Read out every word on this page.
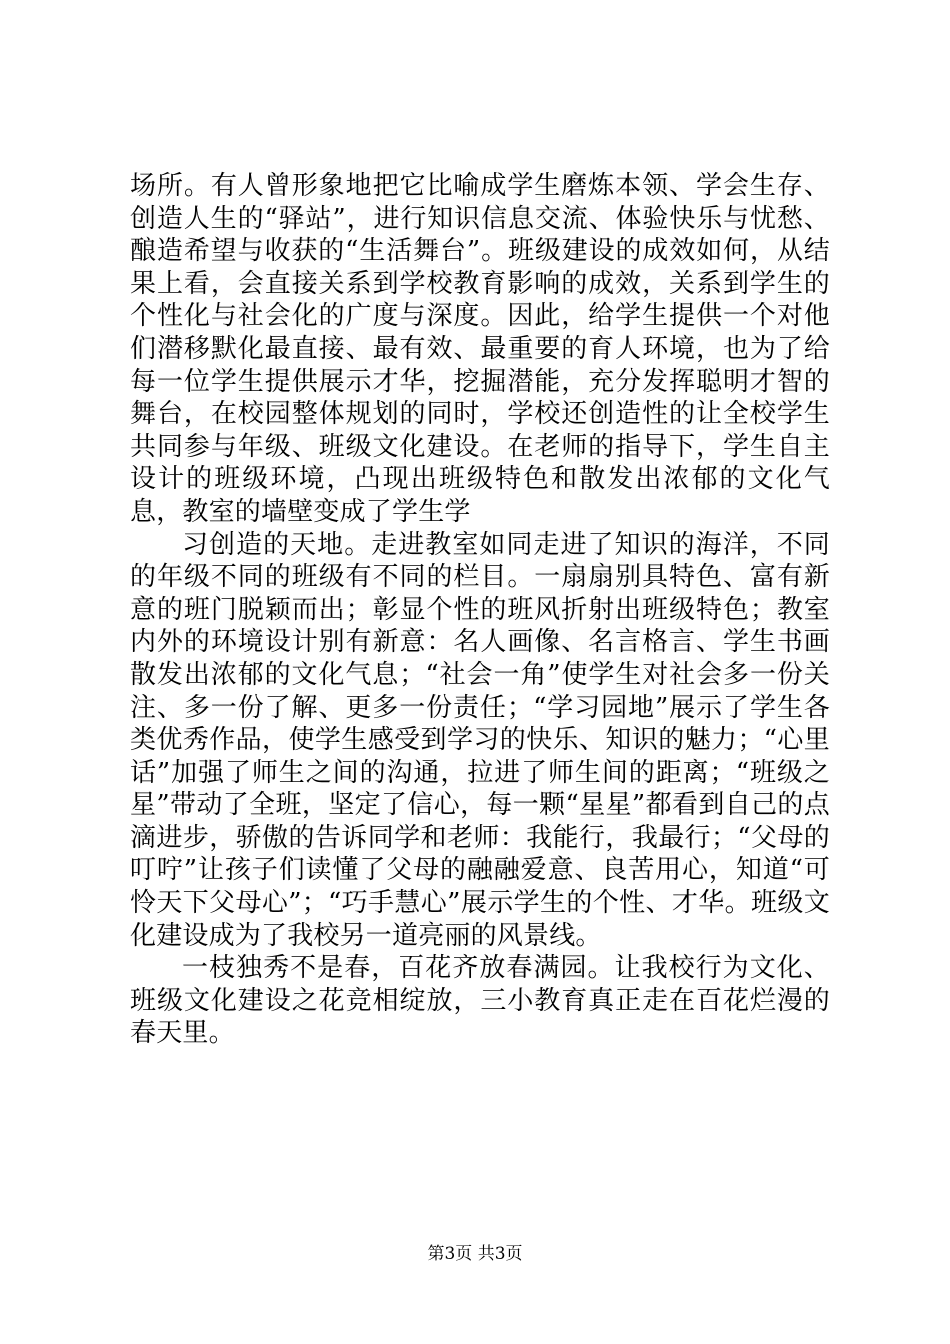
场所。有人曾形象地把它比喻成学生磨炼本领、学会生存、创造人生的“驿站”，进行知识信息交流、体验快乐与忧愁、酿造希望与收获的“生活舞台”。班级建设的成效如何，从结果上看，会直接关系到学校教育影响的成效，关系到学生的个性化与社会化的广度与深度。因此，给学生提供一个对他们潜移默化最直接、最有效、最重要的育人环境，也为了给每一位学生提供展示才华，挖掘潜能，充分发挥聪明才智的舞台，在校园整体规划的同时，学校还创造性的让全校学生共同参与年级、班级文化建设。在老师的指导下，学生自主设计的班级环境，凸现出班级特色和散发出浓郁的文化气息，教室的墙壁变成了学生学

习创造的天地。走进教室如同走进了知识的海洋，不同的年级不同的班级有不同的栏目。一扇扇别具特色、富有新意的班门脱颖而出；彰显个性的班风折射出班级特色；教室内外的环境设计别有新意：名人画像、名言格言、学生书画散发出浓郁的文化气息；“社会一角”使学生对社会多一份关注、多一份了解、更多一份责任；“学习园地”展示了学生各类优秀作品，使学生感受到学习的快乐、知识的魅力；“心里话”加强了师生之间的沟通，拉进了师生间的距离；“班级之星”带动了全班，坚定了信心，每一颗“星星”都看到自己的点滴进步，骄傲的告诉同学和老师：我能行，我最行；“父母的叮咛”让孩子们读懂了父母的融融爱意、良苦用心，知道“可怜天下父母心”；“巧手慧心”展示学生的个性、才华。班级文化建设成为了我校另一道亮丽的风景线。

一枝独秀不是春，百花齐放春满园。让我校行为文化、班级文化建设之花竞相绽放，三小教育真正走在百花烂漫的春天里。

第3页 共3页
